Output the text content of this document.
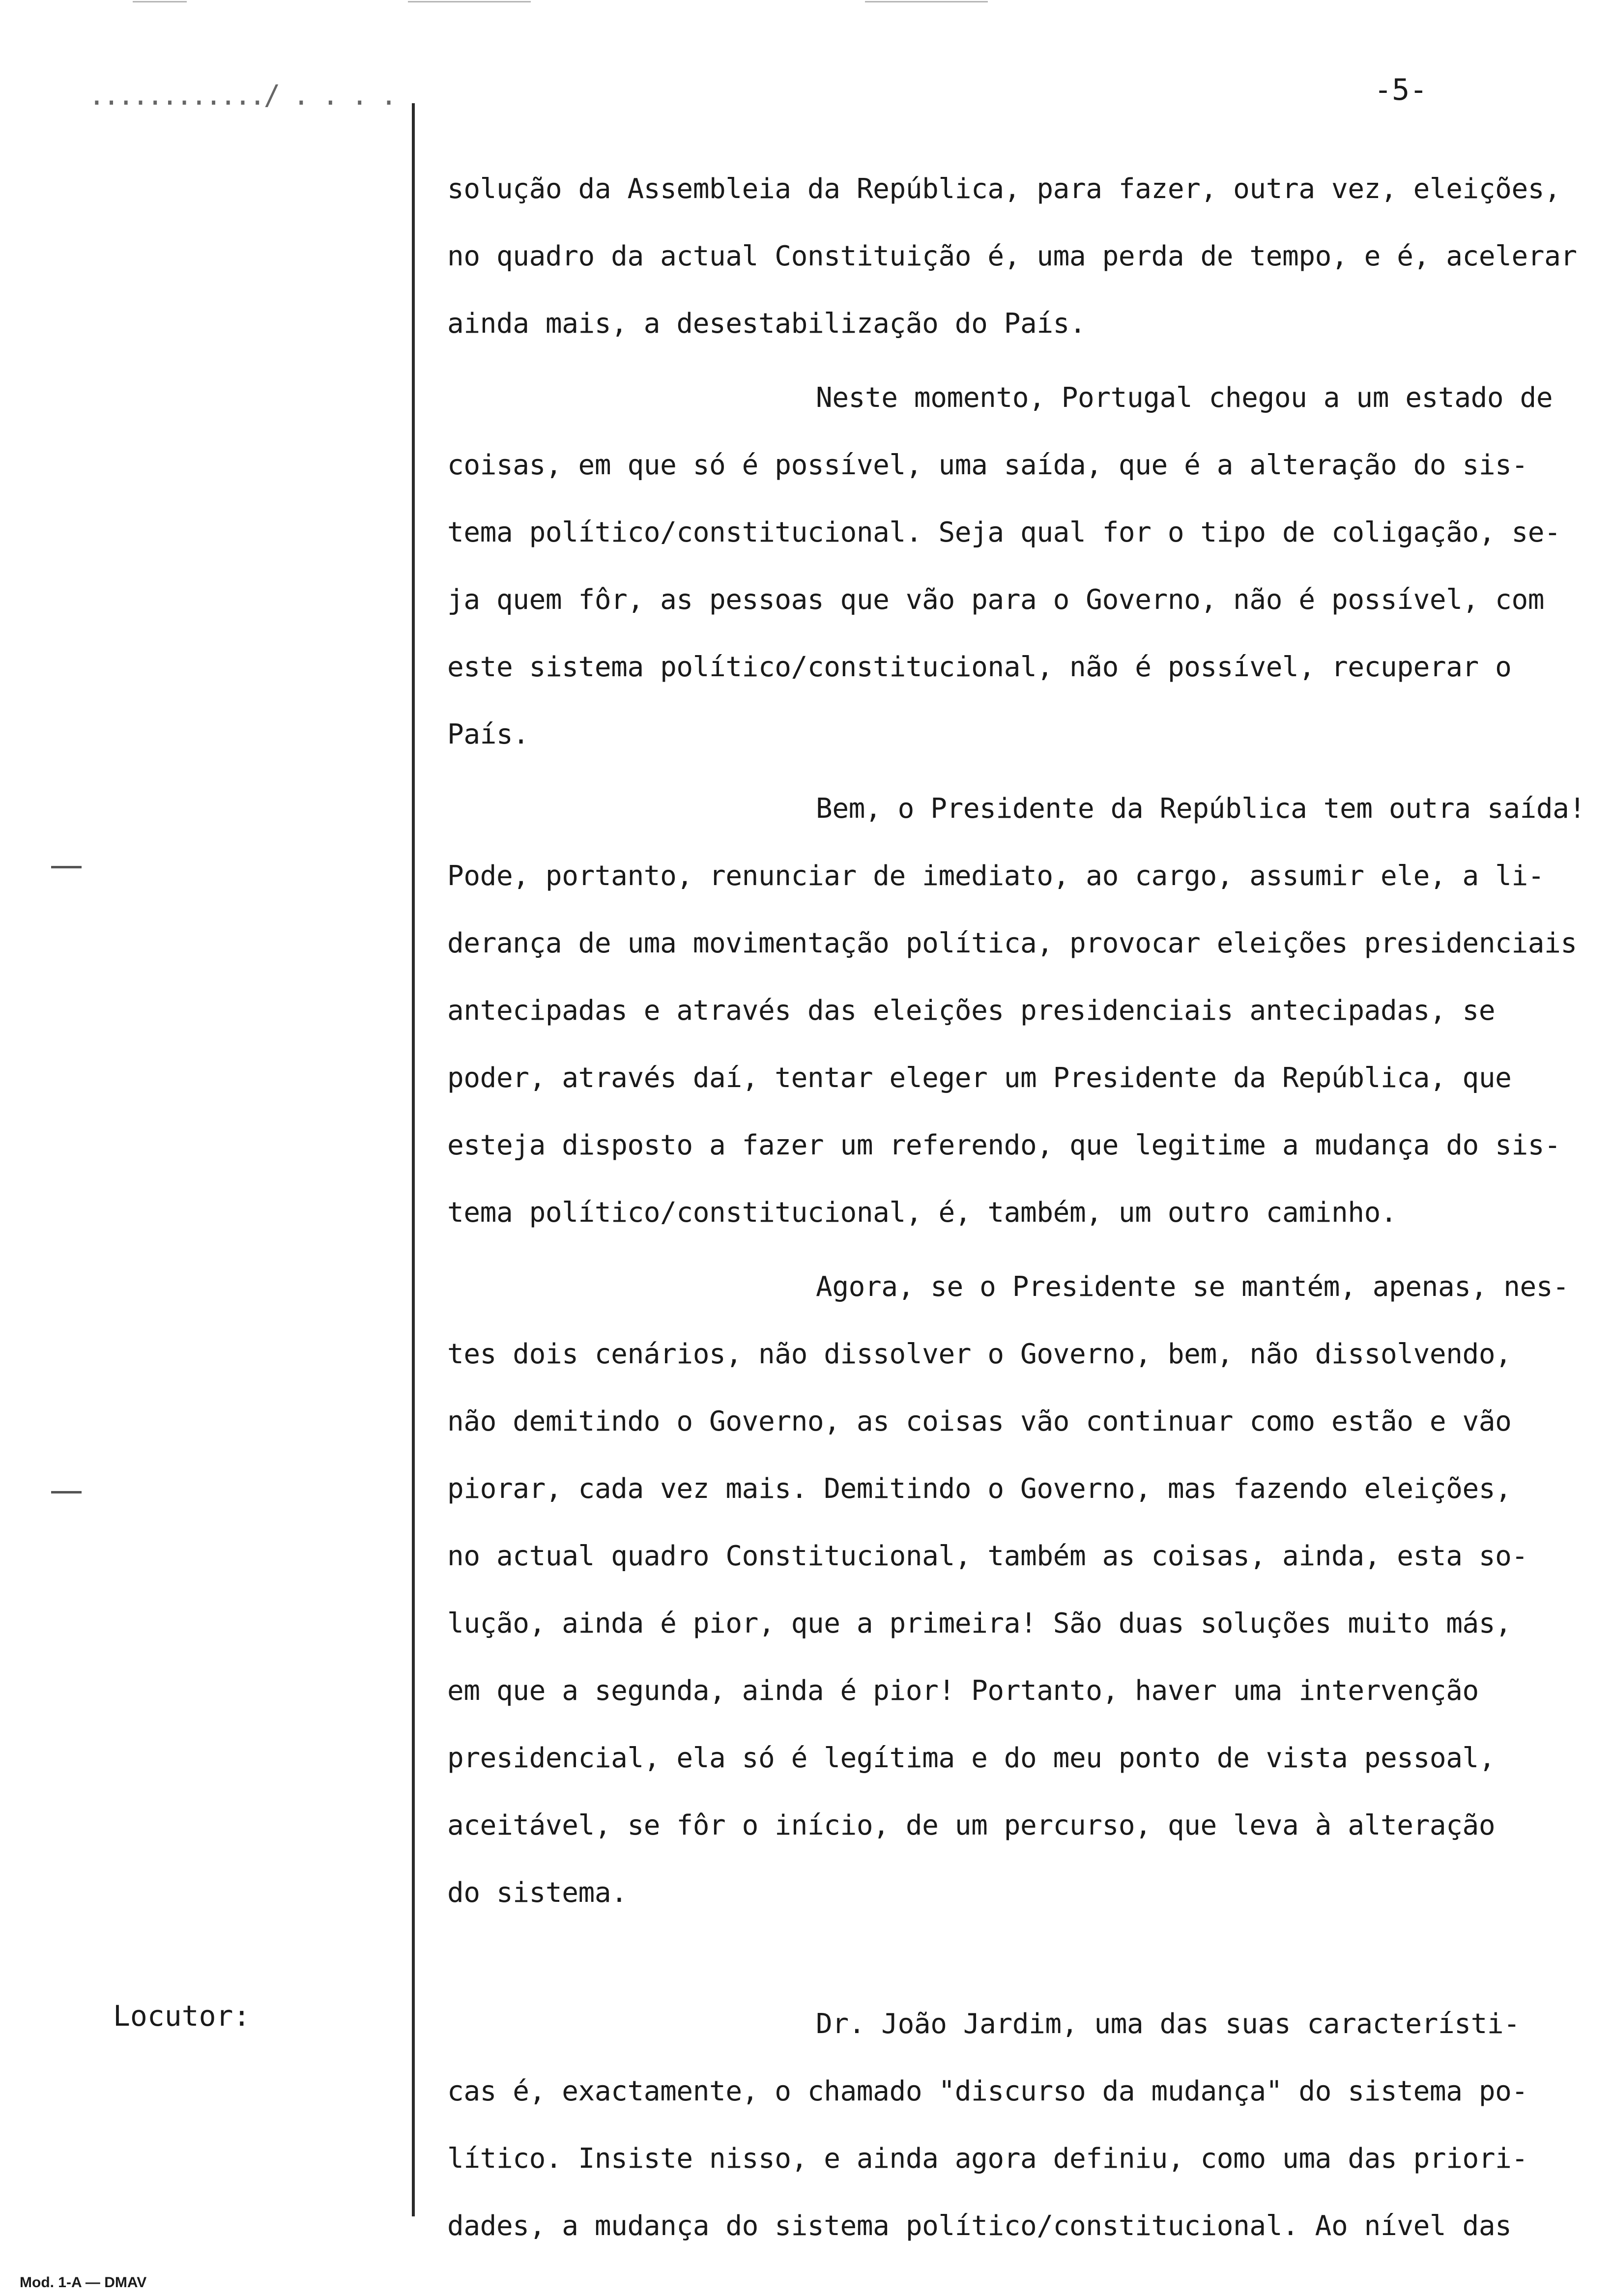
............/ . . . .	-5-

solução da Assembleia da República, para fazer, outra vez, eleições,

no quadro da actual Constituição é, uma perda de tempo, e é, acelerar

ainda mais, a desestabilização do País.

Neste momento, Portugal chegou a um estado de

coisas, em que só é possível, uma saída, que é a alteração do sis-

tema político/constitucional. Seja qual for o tipo de coligação, se-

ja quem fôr, as pessoas que vão para o Governo, não é possível, com

este sistema político/constitucional, não é possível, recuperar o

País.

Bem, o Presidente da República tem outra saída!

Pode, portanto, renunciar de imediato, ao cargo, assumir ele, a li-

derança de uma movimentação política, provocar eleições presidenciais

antecipadas e através das eleições presidenciais antecipadas, se

poder, através daí, tentar eleger um Presidente da República, que

esteja disposto a fazer um referendo, que legitime a mudança do sis-

tema político/constitucional, é, também, um outro caminho.

Agora, se o Presidente se mantém, apenas, nes-

tes dois cenários, não dissolver o Governo, bem, não dissolvendo,

não demitindo o Governo, as coisas vão continuar como estão e vão

piorar, cada vez mais. Demitindo o Governo, mas fazendo eleições,

no actual quadro Constitucional, também as coisas, ainda, esta so-

lução, ainda é pior, que a primeira! São duas soluções muito más,

em que a segunda, ainda é pior! Portanto, haver uma intervenção

presidencial, ela só é legítima e do meu ponto de vista pessoal,

aceitável, se fôr o início, de um percurso, que leva à alteração

do sistema.

Locutor:	Dr. João Jardim, uma das suas característi-

cas é, exactamente, o chamado "discurso da mudança" do sistema po-

lítico. Insiste nisso, e ainda agora definiu, como uma das priori-

dades, a mudança do sistema político/constitucional. Ao nível das

Mod. 1-A — DMAV
